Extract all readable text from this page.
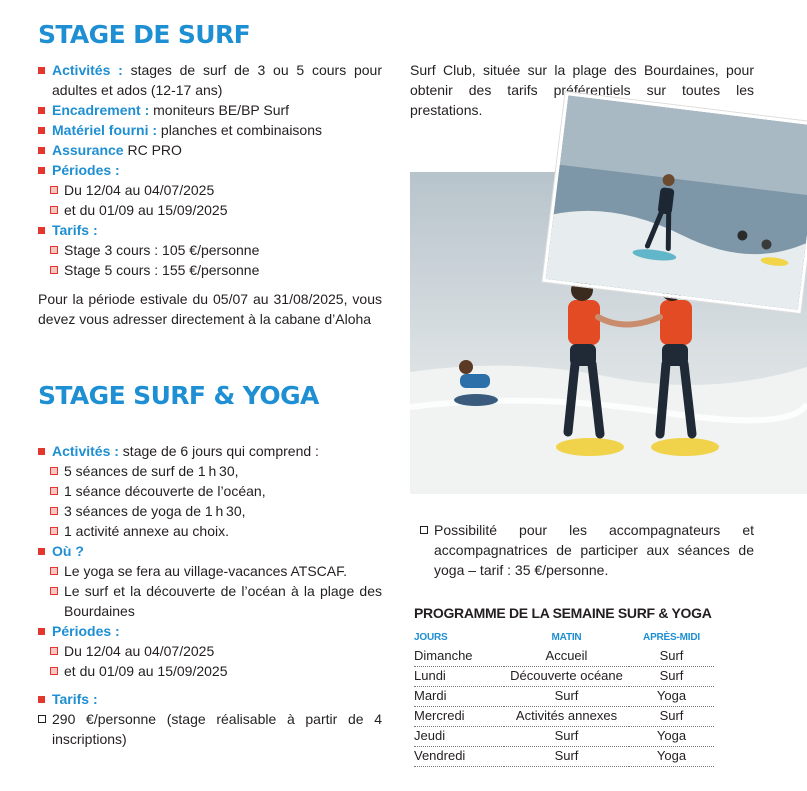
STAGE DE SURF
Activités : stages de surf de 3 ou 5 cours pour adultes et ados (12-17 ans)
Encadrement : moniteurs BE/BP Surf
Matériel fourni : planches et combinaisons
Assurance RC PRO
Périodes :
Du 12/04 au 04/07/2025
et du 01/09 au 15/09/2025
Tarifs :
Stage 3 cours : 105 €/personne
Stage 5 cours : 155 €/personne
Pour la période estivale du 05/07 au 31/08/2025, vous devez vous adresser directement à la cabane d’Aloha
Surf Club, située sur la plage des Bourdaines, pour obtenir des tarifs préférentiels sur toutes les prestations.
STAGE SURF & YOGA
Activités : stage de 6 jours qui comprend :
5 séances de surf de 1 h 30,
1 séance découverte de l’océan,
3 séances de yoga de 1 h 30,
1 activité annexe au choix.
Où ?
Le yoga se fera au village-vacances ATSCAF.
Le surf et la découverte de l’océan à la plage des Bourdaines
Périodes :
Du 12/04 au 04/07/2025
et du 01/09 au 15/09/2025
Tarifs :
290 €/personne (stage réalisable à partir de 4 inscriptions)
Possibilité pour les accompagnateurs et accompagnatrices de participer aux séances de yoga – tarif : 35 €/personne.
PROGRAMME DE LA SEMAINE SURF & YOGA
JOURS	MATIN	APRÈS-MIDI
Dimanche	Accueil	Surf
Lundi	Découverte océane	Surf
Mardi	Surf	Yoga
Mercredi	Activités annexes	Surf
Jeudi	Surf	Yoga
Vendredi	Surf	Yoga
